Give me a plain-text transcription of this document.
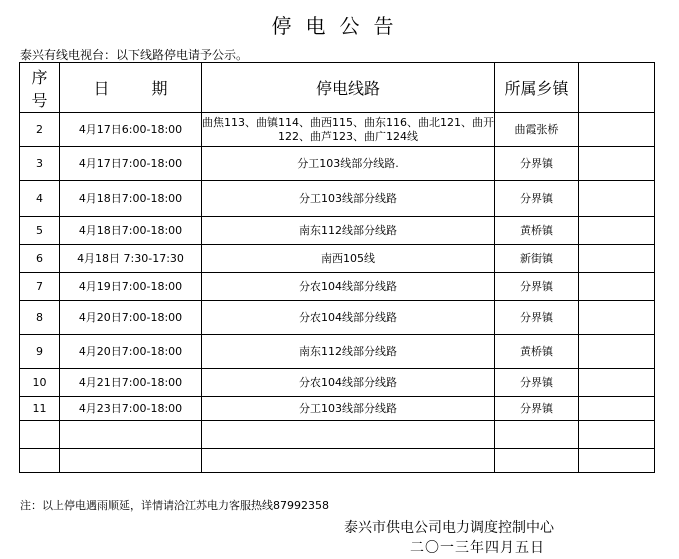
停电公告
泰兴有线电视台：以下线路停电请予公示。
序
号	日 期	停电线路	所属乡镇	
2	4月17日6:00-18:00	曲焦113、曲镇114、曲西115、曲东116、曲北121、曲开122、曲芦123、曲广124线	曲霞张桥	
3	4月17日7:00-18:00	分工103线部分线路.	分界镇	
4	4月18日7:00-18:00	分工103线部分线路	分界镇	
5	4月18日7:00-18:00	南东112线部分线路	黄桥镇	
6	4月18日 7:30-17:30	南西105线	新街镇	
7	4月19日7:00-18:00	分农104线部分线路	分界镇	
8	4月20日7:00-18:00	分农104线部分线路	分界镇	
9	4月20日7:00-18:00	南东112线部分线路	黄桥镇	
10	4月21日7:00-18:00	分农104线部分线路	分界镇	
11	4月23日7:00-18:00	分工103线部分线路	分界镇	

注：以上停电遇雨顺延，详情请洽江苏电力客服热线87992358
泰兴市供电公司电力调度控制中心
二〇一三年四月五日
